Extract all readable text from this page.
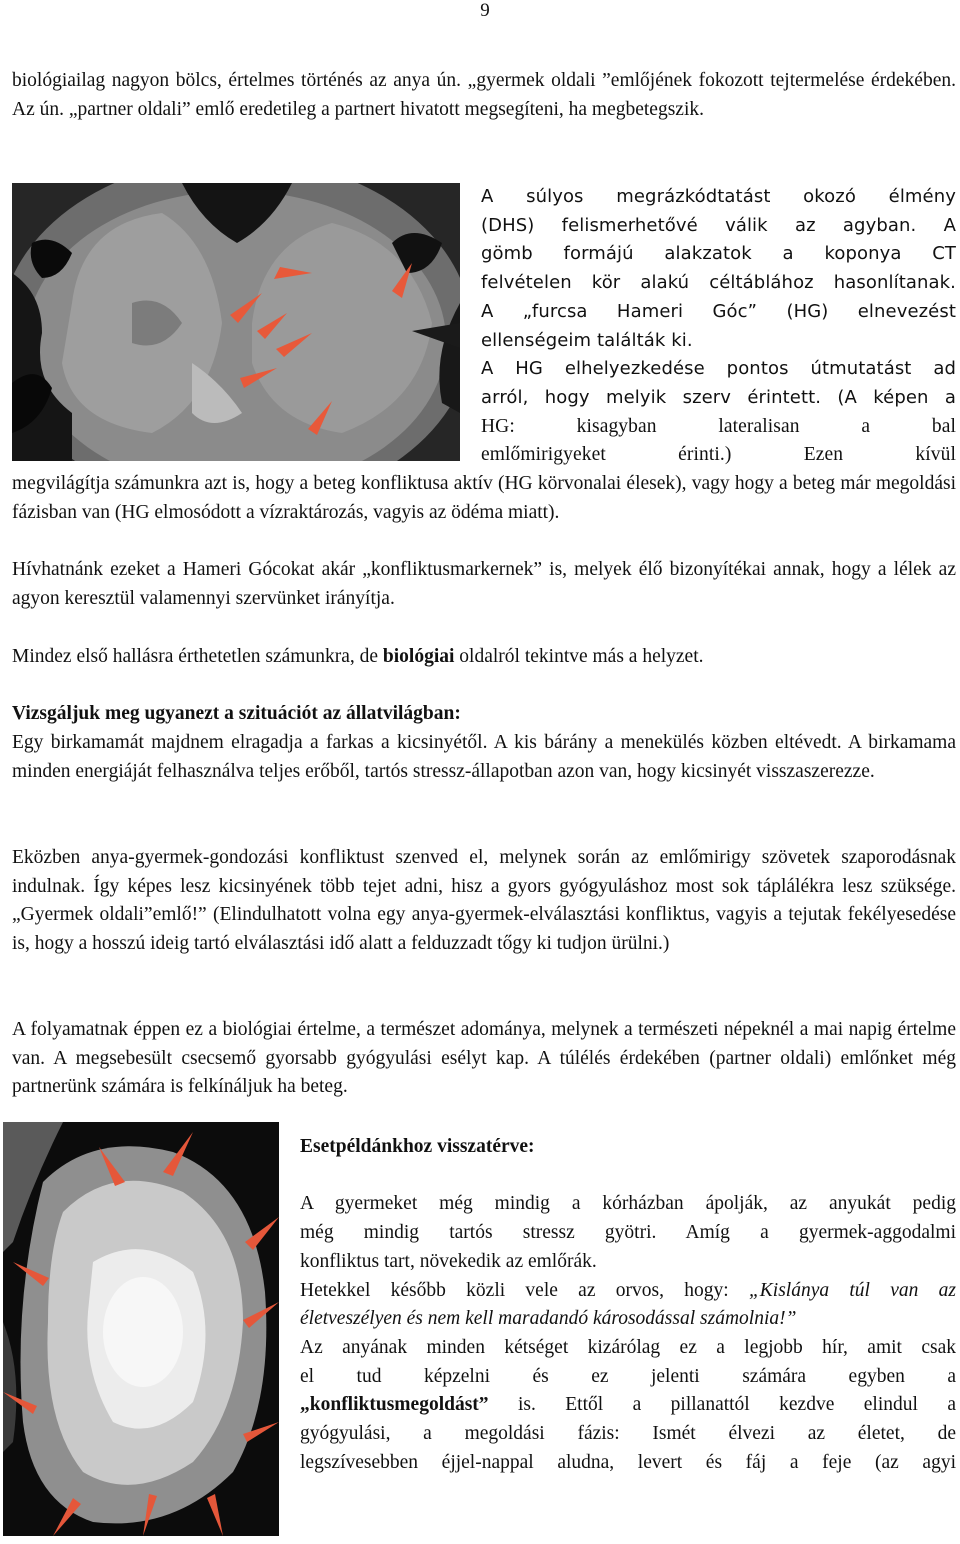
9

biológiailag nagyon bölcs, értelmes történés az anya ún. „gyermek oldali ”emlőjének fokozott tejtermelése érdekében. Az ún. „partner oldali” emlő eredetileg a partnert hivatott megsegíteni, ha megbetegszik.

A súlyos megrázkódtatást okozó élmény
(DHS) felismerhetővé válik az agyban. A
gömb formájú alakzatok a koponya CT
felvételen kör alakú céltáblához hasonlítanak.
A „furcsa Hameri Góc” (HG) elnevezést
ellenségeim találták ki.
A HG elhelyezkedése pontos útmutatást ad
arról, hogy melyik szerv érintett. (A képen a
HG: kisagyban lateralisan a bal
emlőmirigyeket érinti.) Ezen kívül

megvilágítja számunkra azt is, hogy a beteg konfliktusa aktív (HG körvonalai élesek), vagy hogy a beteg már megoldási fázisban van (HG elmosódott a vízraktározás, vagyis az ödéma miatt).

Hívhatnánk ezeket a Hameri Gócokat akár „konfliktusmarkernek” is, melyek élő bizonyítékai annak, hogy a lélek az agyon keresztül valamennyi szervünket irányítja.

Mindez első hallásra érthetetlen számunkra, de biológiai oldalról tekintve más a helyzet.

Vizsgáljuk meg ugyanezt a szituációt az állatvilágban:

Egy birkamamát majdnem elragadja a farkas a kicsinyétől. A kis bárány a menekülés közben eltévedt. A birkamama minden energiáját felhasználva teljes erőből, tartós stressz-állapotban azon van, hogy kicsinyét visszaszerezze.

Eközben anya-gyermek-gondozási konfliktust szenved el, melynek során az emlőmirigy szövetek szaporodásnak indulnak. Így képes lesz kicsinyének több tejet adni, hisz a gyors gyógyuláshoz most sok táplálékra lesz szüksége. „Gyermek oldali”emlő!” (Elindulhatott volna egy anya-gyermek-elválasztási konfliktus, vagyis a tejutak fekélyesedése is, hogy a hosszú ideig tartó elválasztási idő alatt a felduzzadt tőgy ki tudjon ürülni.)

A folyamatnak éppen ez a biológiai értelme, a természet adománya, melynek a természeti népeknél a mai napig értelme van. A megsebesült csecsemő gyorsabb gyógyulási esélyt kap. A túlélés érdekében (partner oldali) emlőnket még partnerünk számára is felkínáljuk ha beteg.

Esetpéldánkhoz visszatérve:

A gyermeket még mindig a kórházban ápolják, az anyukát pedig
még mindig tartós stressz gyötri. Amíg a gyermek-aggodalmi
konfliktus tart, növekedik az emlőrák.
Hetekkel később közli vele az orvos, hogy: „Kislánya túl van az
életveszélyen és nem kell maradandó károsodással számolnia!”
Az anyának minden kétséget kizárólag ez a legjobb hír, amit csak
el tud képzelni és ez jelenti számára egyben a
„konfliktusmegoldást” is. Ettől a pillanattól kezdve elindul a
gyógyulási, a megoldási fázis: Ismét élvezi az életet, de
legszívesebben éjjel-nappal aludna, levert és fáj a feje (az agyi
